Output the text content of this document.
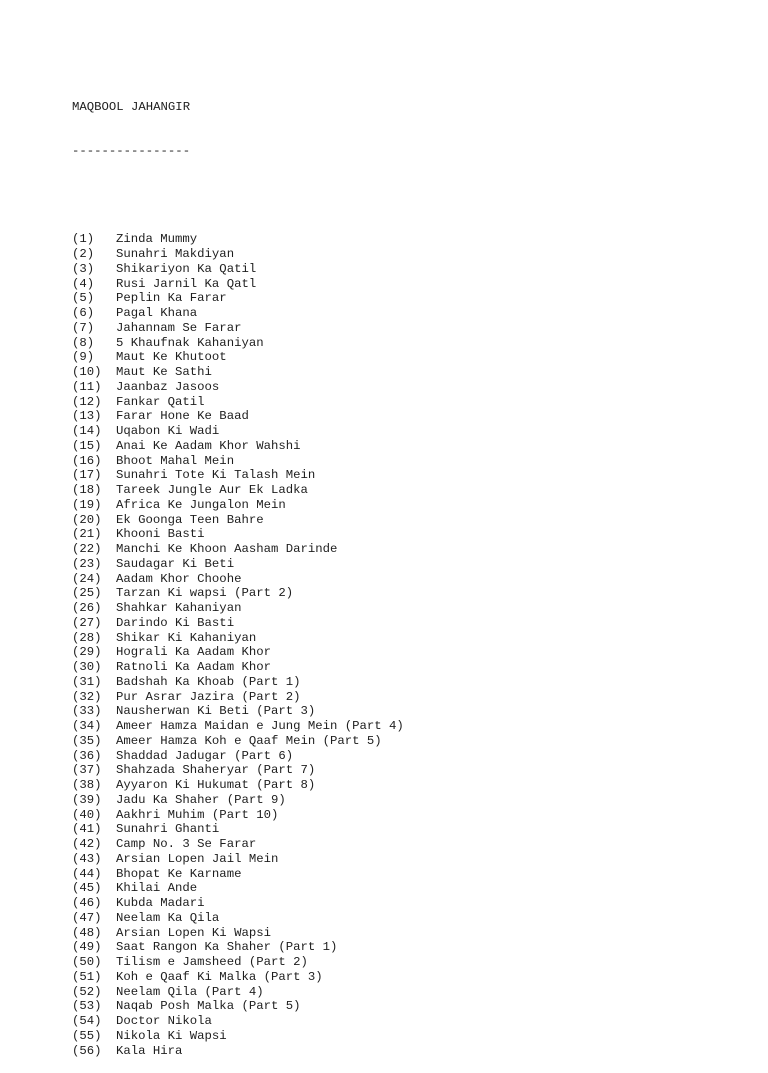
MAQBOOL JAHANGIR

----------------

(1) Zinda Mummy
(2) Sunahri Makdiyan
(3) Shikariyon Ka Qatil
(4) Rusi Jarnil Ka Qatl
(5) Peplin Ka Farar
(6) Pagal Khana
(7) Jahannam Se Farar
(8) 5 Khaufnak Kahaniyan
(9) Maut Ke Khutoot
(10) Maut Ke Sathi
(11) Jaanbaz Jasoos
(12) Fankar Qatil
(13) Farar Hone Ke Baad
(14) Uqabon Ki Wadi
(15) Anai Ke Aadam Khor Wahshi
(16) Bhoot Mahal Mein
(17) Sunahri Tote Ki Talash Mein
(18) Tareek Jungle Aur Ek Ladka
(19) Africa Ke Jungalon Mein
(20) Ek Goonga Teen Bahre
(21) Khooni Basti
(22) Manchi Ke Khoon Aasham Darinde
(23) Saudagar Ki Beti
(24) Aadam Khor Choohe
(25) Tarzan Ki wapsi (Part 2)
(26) Shahkar Kahaniyan
(27) Darindo Ki Basti
(28) Shikar Ki Kahaniyan
(29) Hograli Ka Aadam Khor
(30) Ratnoli Ka Aadam Khor
(31) Badshah Ka Khoab (Part 1)
(32) Pur Asrar Jazira (Part 2)
(33) Nausherwan Ki Beti (Part 3)
(34) Ameer Hamza Maidan e Jung Mein (Part 4)
(35) Ameer Hamza Koh e Qaaf Mein (Part 5)
(36) Shaddad Jadugar (Part 6)
(37) Shahzada Shaheryar (Part 7)
(38) Ayyaron Ki Hukumat (Part 8)
(39) Jadu Ka Shaher (Part 9)
(40) Aakhri Muhim (Part 10)
(41) Sunahri Ghanti
(42) Camp No. 3 Se Farar
(43) Arsian Lopen Jail Mein
(44) Bhopat Ke Karname
(45) Khilai Ande
(46) Kubda Madari
(47) Neelam Ka Qila
(48) Arsian Lopen Ki Wapsi
(49) Saat Rangon Ka Shaher (Part 1)
(50) Tilism e Jamsheed (Part 2)
(51) Koh e Qaaf Ki Malka (Part 3)
(52) Neelam Qila (Part 4)
(53) Naqab Posh Malka (Part 5)
(54) Doctor Nikola
(55) Nikola Ki Wapsi
(56) Kala Hira
